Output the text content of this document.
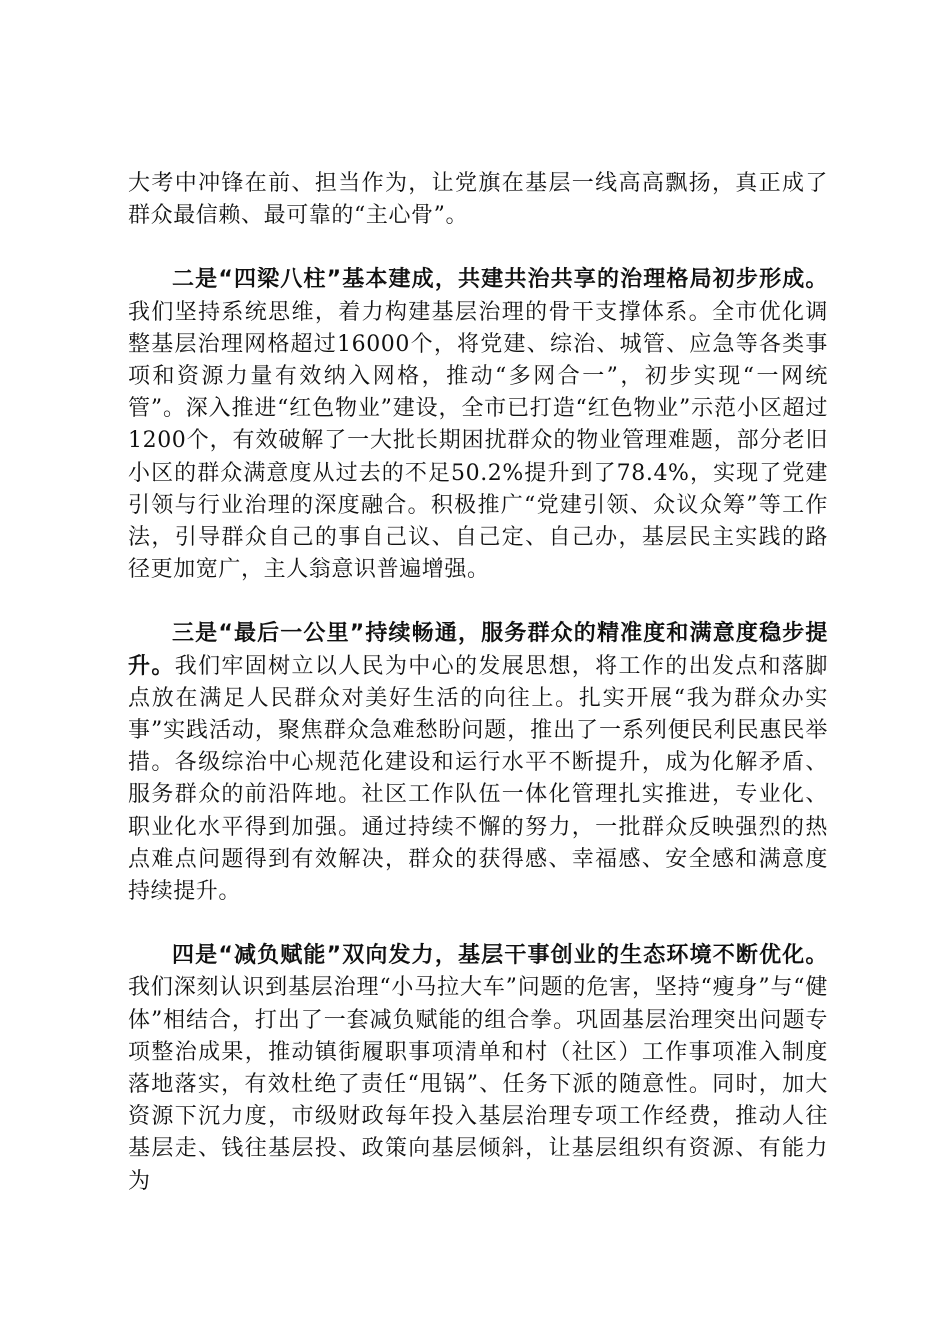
大考中冲锋在前、担当作为，让党旗在基层一线高高飘扬，真正成了群众最信赖、最可靠的“主心骨”。

二是“四梁八柱”基本建成，共建共治共享的治理格局初步形成。我们坚持系统思维，着力构建基层治理的骨干支撑体系。全市优化调整基层治理网格超过16000个，将党建、综治、城管、应急等各类事项和资源力量有效纳入网格，推动“多网合一”，初步实现“一网统管”。深入推进“红色物业”建设，全市已打造“红色物业”示范小区超过1200个，有效破解了一大批长期困扰群众的物业管理难题，部分老旧小区的群众满意度从过去的不足50.2%提升到了78.4%，实现了党建引领与行业治理的深度融合。积极推广“党建引领、众议众筹”等工作法，引导群众自己的事自己议、自己定、自己办，基层民主实践的路径更加宽广，主人翁意识普遍增强。

三是“最后一公里”持续畅通，服务群众的精准度和满意度稳步提升。我们牢固树立以人民为中心的发展思想，将工作的出发点和落脚点放在满足人民群众对美好生活的向往上。扎实开展“我为群众办实事”实践活动，聚焦群众急难愁盼问题，推出了一系列便民利民惠民举措。各级综治中心规范化建设和运行水平不断提升，成为化解矛盾、服务群众的前沿阵地。社区工作队伍一体化管理扎实推进，专业化、职业化水平得到加强。通过持续不懈的努力，一批群众反映强烈的热点难点问题得到有效解决，群众的获得感、幸福感、安全感和满意度持续提升。

四是“减负赋能”双向发力，基层干事创业的生态环境不断优化。我们深刻认识到基层治理“小马拉大车”问题的危害，坚持“瘦身”与“健体”相结合，打出了一套减负赋能的组合拳。巩固基层治理突出问题专项整治成果，推动镇街履职事项清单和村（社区）工作事项准入制度落地落实，有效杜绝了责任“甩锅”、任务下派的随意性。同时，加大资源下沉力度，市级财政每年投入基层治理专项工作经费，推动人往基层走、钱往基层投、政策向基层倾斜，让基层组织有资源、有能力为
